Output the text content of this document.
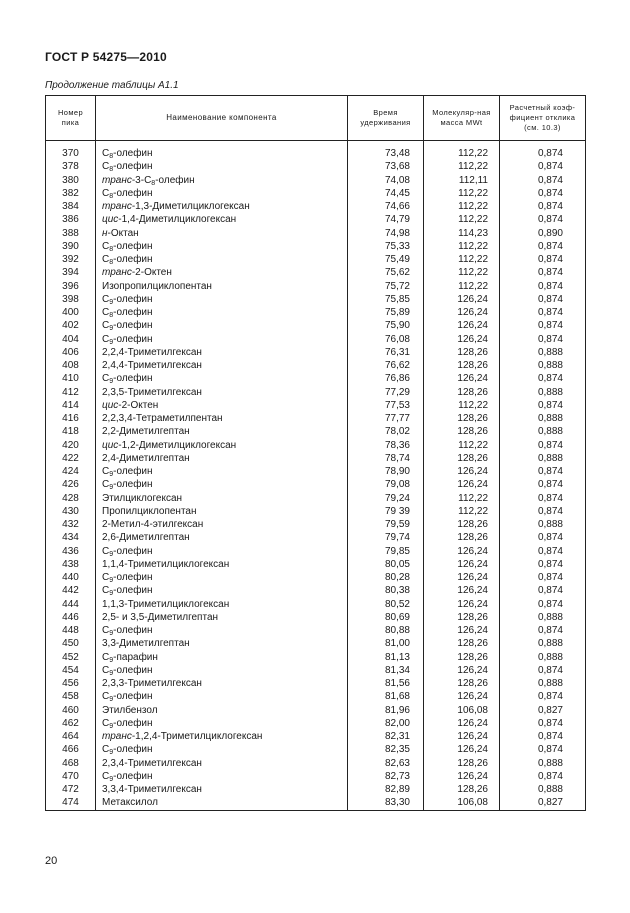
ГОСТ Р 54275—2010
Продолжение таблицы А1.1
Номер пика	Наименование компонента	Время удерживания	Молекуляр-ная масса MWt	Расчетный коэф-фициент отклика (см. 10.3)

370	$С_8$-олефин	73,48	112,22	0,874
378	$С_8$-олефин	73,68	112,22	0,874
380	транс-$3-С_8$-олефин	74,08	112,11	0,874
382	$С_8$-олефин	74,45	112,22	0,874
384	транс-1,3-Диметилциклогексан	74,66	112,22	0,874
386	цис-1,4-Диметилциклогексан	74,79	112,22	0,874
388	н-Октан	74,98	114,23	0,890
390	$С_8$-олефин	75,33	112,22	0,874
392	$С_8$-олефин	75,49	112,22	0,874
394	транс-2-Октен	75,62	112,22	0,874
396	Изопропилциклопентан	75,72	112,22	0,874
398	$С_9$-олефин	75,85	126,24	0,874
400	$С_8$-олефин	75,89	126,24	0,874
402	$С_9$-олефин	75,90	126,24	0,874
404	$С_9$-олефин	76,08	126,24	0,874
406	2,2,4-Триметилгексан	76,31	128,26	0,888
408	2,4,4-Триметилгексан	76,62	128,26	0,888
410	$С_9$-олефин	76,86	126,24	0,874
412	2,3,5-Триметилгексан	77,29	128,26	0,888
414	цис-2-Октен	77,53	112,22	0,874
416	2,2,3,4-Тетраметилпентан	77,77	128,26	0,888
418	2,2-Диметилгептан	78,02	128,26	0,888
420	цис-1,2-Диметилциклогексан	78,36	112,22	0,874
422	2,4-Диметилгептан	78,74	128,26	0,888
424	$С_9$-олефин	78,90	126,24	0,874
426	$С_9$-олефин	79,08	126,24	0,874
428	Этилциклогексан	79,24	112,22	0,874
430	Пропилциклопентан	79 39	112,22	0,874
432	2-Метил-4-этилгексан	79,59	128,26	0,888
434	2,6-Диметилгептан	79,74	128,26	0,874
436	$С_9$-олефин	79,85	126,24	0,874
438	1,1,4-Триметилциклогексан	80,05	126,24	0,874
440	$С_9$-олефин	80,28	126,24	0,874
442	$С_9$-олефин	80,38	126,24	0,874
444	1,1,3-Триметилциклогексан	80,52	126,24	0,874
446	2,5- и 3,5-Диметилгептан	80,69	128,26	0,888
448	$С_9$-олефин	80,88	126,24	0,874
450	3,3-Диметилгептан	81,00	128,26	0,888
452	$С_9$-парафин	81,13	128,26	0,888
454	$С_9$-олефин	81,34	126,24	0,874
456	2,3,3-Триметилгексан	81,56	128,26	0,888
458	$С_9$-олефин	81,68	126,24	0,874
460	Этилбензол	81,96	106,08	0,827
462	$С_9$-олефин	82,00	126,24	0,874
464	транс-1,2,4-Триметилциклогексан	82,31	126,24	0,874
466	$С_9$-олефин	82,35	126,24	0,874
468	2,3,4-Триметилгексан	82,63	128,26	0,888
470	$С_9$-олефин	82,73	126,24	0,874
472	3,3,4-Триметилгексан	82,89	128,26	0,888
474	Метаксилол	83,30	106,08	0,827
20
